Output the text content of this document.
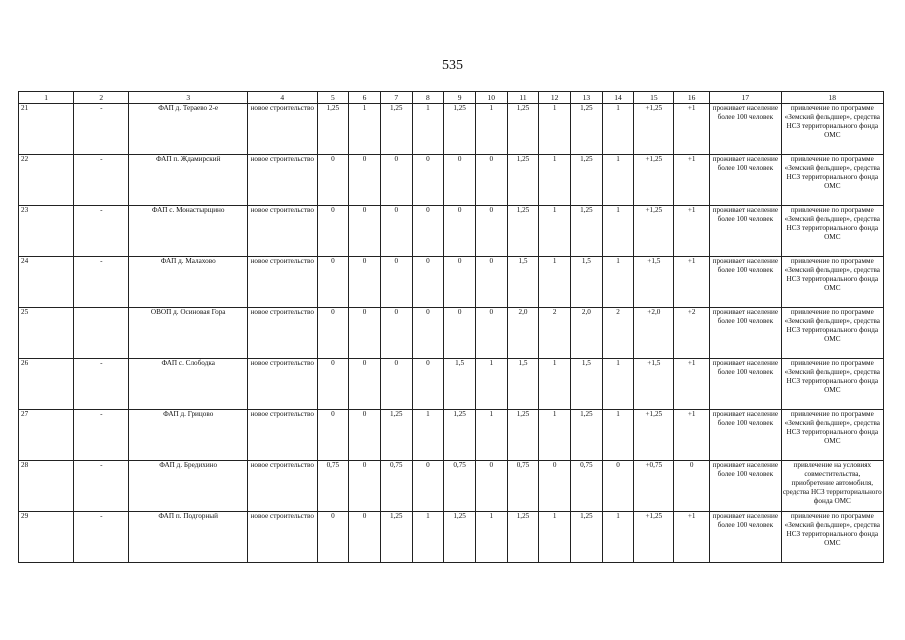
535
1	2	3	4	5	6	7	8	9	10	11	12	13	14	15	16	17	18
21	-	ФАП д. Тераево 2-е	новое строительство	1,25	1	1,25	1	1,25	1	1,25	1	1,25	1	+1,25	+1	проживает население более 100 человек	привлечение по программе «Земский фельдшер», средства НСЗ территориального фонда ОМС
22	-	ФАП п. Ждамирский	новое строительство	0	0	0	0	0	0	1,25	1	1,25	1	+1,25	+1	проживает население более 100 человек	привлечение по программе «Земский фельдшер», средства НСЗ территориального фонда ОМС
23	-	ФАП с. Монастырщино	новое строительство	0	0	0	0	0	0	1,25	1	1,25	1	+1,25	+1	проживает население более 100 человек	привлечение по программе «Земский фельдшер», средства НСЗ территориального фонда ОМС
24	-	ФАП д. Малахово	новое строительство	0	0	0	0	0	0	1,5	1	1,5	1	+1,5	+1	проживает население более 100 человек	привлечение по программе «Земский фельдшер», средства НСЗ территориального фонда ОМС
25		ОВОП д. Осиновая Гора	новое строительство	0	0	0	0	0	0	2,0	2	2,0	2	+2,0	+2	проживает население более 100 человек	привлечение по программе «Земский фельдшер», средства НСЗ территориального фонда ОМС
26	-	ФАП с. Слободка	новое строительство	0	0	0	0	1,5	1	1,5	1	1,5	1	+1,5	+1	проживает население более 100 человек	привлечение по программе «Земский фельдшер», средства НСЗ территориального фонда ОМС
27	-	ФАП д. Грицово	новое строительство	0	0	1,25	1	1,25	1	1,25	1	1,25	1	+1,25	+1	проживает население более 100 человек	привлечение по программе «Земский фельдшер», средства НСЗ территориального фонда ОМС
28	-	ФАП д. Бредихино	новое строительство	0,75	0	0,75	0	0,75	0	0,75	0	0,75	0	+0,75	0	проживает население более 100 человек	привлечение на условиях совместительства, приобретение автомобиля, средства НСЗ территориального фонда ОМС
29	-	ФАП п. Подгорный	новое строительство	0	0	1,25	1	1,25	1	1,25	1	1,25	1	+1,25	+1	проживает население более 100 человек	привлечение по программе «Земский фельдшер», средства НСЗ территориального фонда ОМС
